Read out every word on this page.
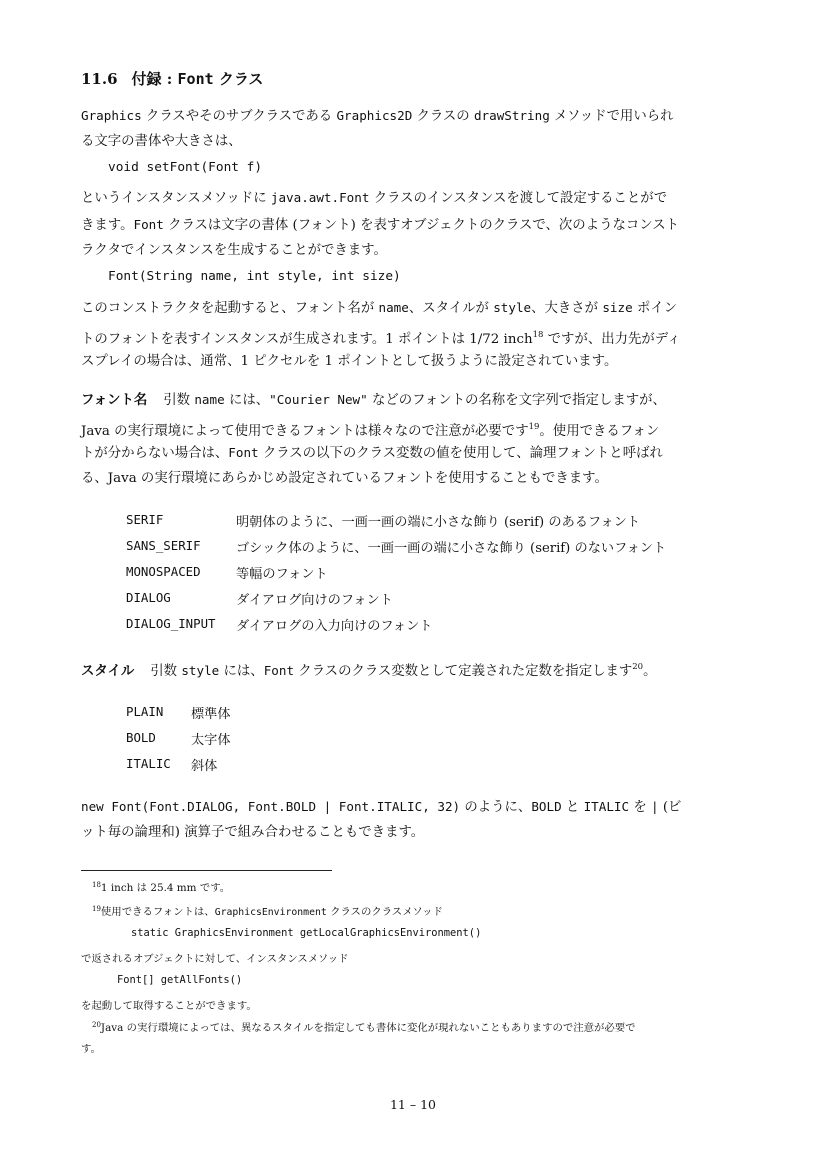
11.6 付録 : Font クラス
Graphics クラスやそのサブクラスである Graphics2D クラスの drawString メソッドで用いられ
る文字の書体や大きさは、
void setFont(Font f)
というインスタンスメソッドに java.awt.Font クラスのインスタンスを渡して設定することがで
きます。Font クラスは文字の書体 (フォント) を表すオブジェクトのクラスで、次のようなコンスト
ラクタでインスタンスを生成することができます。
Font(String name, int style, int size)
このコンストラクタを起動すると、フォント名が name、スタイルが style、大きさが size ポイン
トのフォントを表すインスタンスが生成されます。1 ポイントは 1/72 inch$^{18}$ ですが、出力先がディ
スプレイの場合は、通常、1 ピクセルを 1 ポイントとして扱うように設定されています。
フォント名 引数 name には、"Courier New" などのフォントの名称を文字列で指定しますが、
Java の実行環境によって使用できるフォントは様々なので注意が必要です$^{19}$。使用できるフォン
トが分からない場合は、Font クラスの以下のクラス変数の値を使用して、論理フォントと呼ばれ
る、Java の実行環境にあらかじめ設定されているフォントを使用することもできます。
SERIF	明朝体のように、一画一画の端に小さな飾り (serif) のあるフォント
SANS_SERIF	ゴシック体のように、一画一画の端に小さな飾り (serif) のないフォント
MONOSPACED	等幅のフォント
DIALOG	ダイアログ向けのフォント
DIALOG_INPUT ダイアログの入力向けのフォント
スタイル 引数 style には、Font クラスのクラス変数として定義された定数を指定します$^{20}$。
PLAIN 標準体
BOLD	太字体
ITALIC 斜体
new Font(Font.DIALOG, Font.BOLD | Font.ITALIC, 32) のように、BOLD と ITALIC を | (ビ
ット毎の論理和) 演算子で組み合わせることもできます。
$^{18}$1 inch は 25.4 mm です。
$^{19}$使用できるフォントは、GraphicsEnvironment クラスのクラスメソッド
static GraphicsEnvironment getLocalGraphicsEnvironment()
で返されるオブジェクトに対して、インスタンスメソッド
Font[] getAllFonts()
を起動して取得することができます。
$^{20}$Java の実行環境によっては、異なるスタイルを指定しても書体に変化が現れないこともありますので注意が必要で
す。
11 – 10
